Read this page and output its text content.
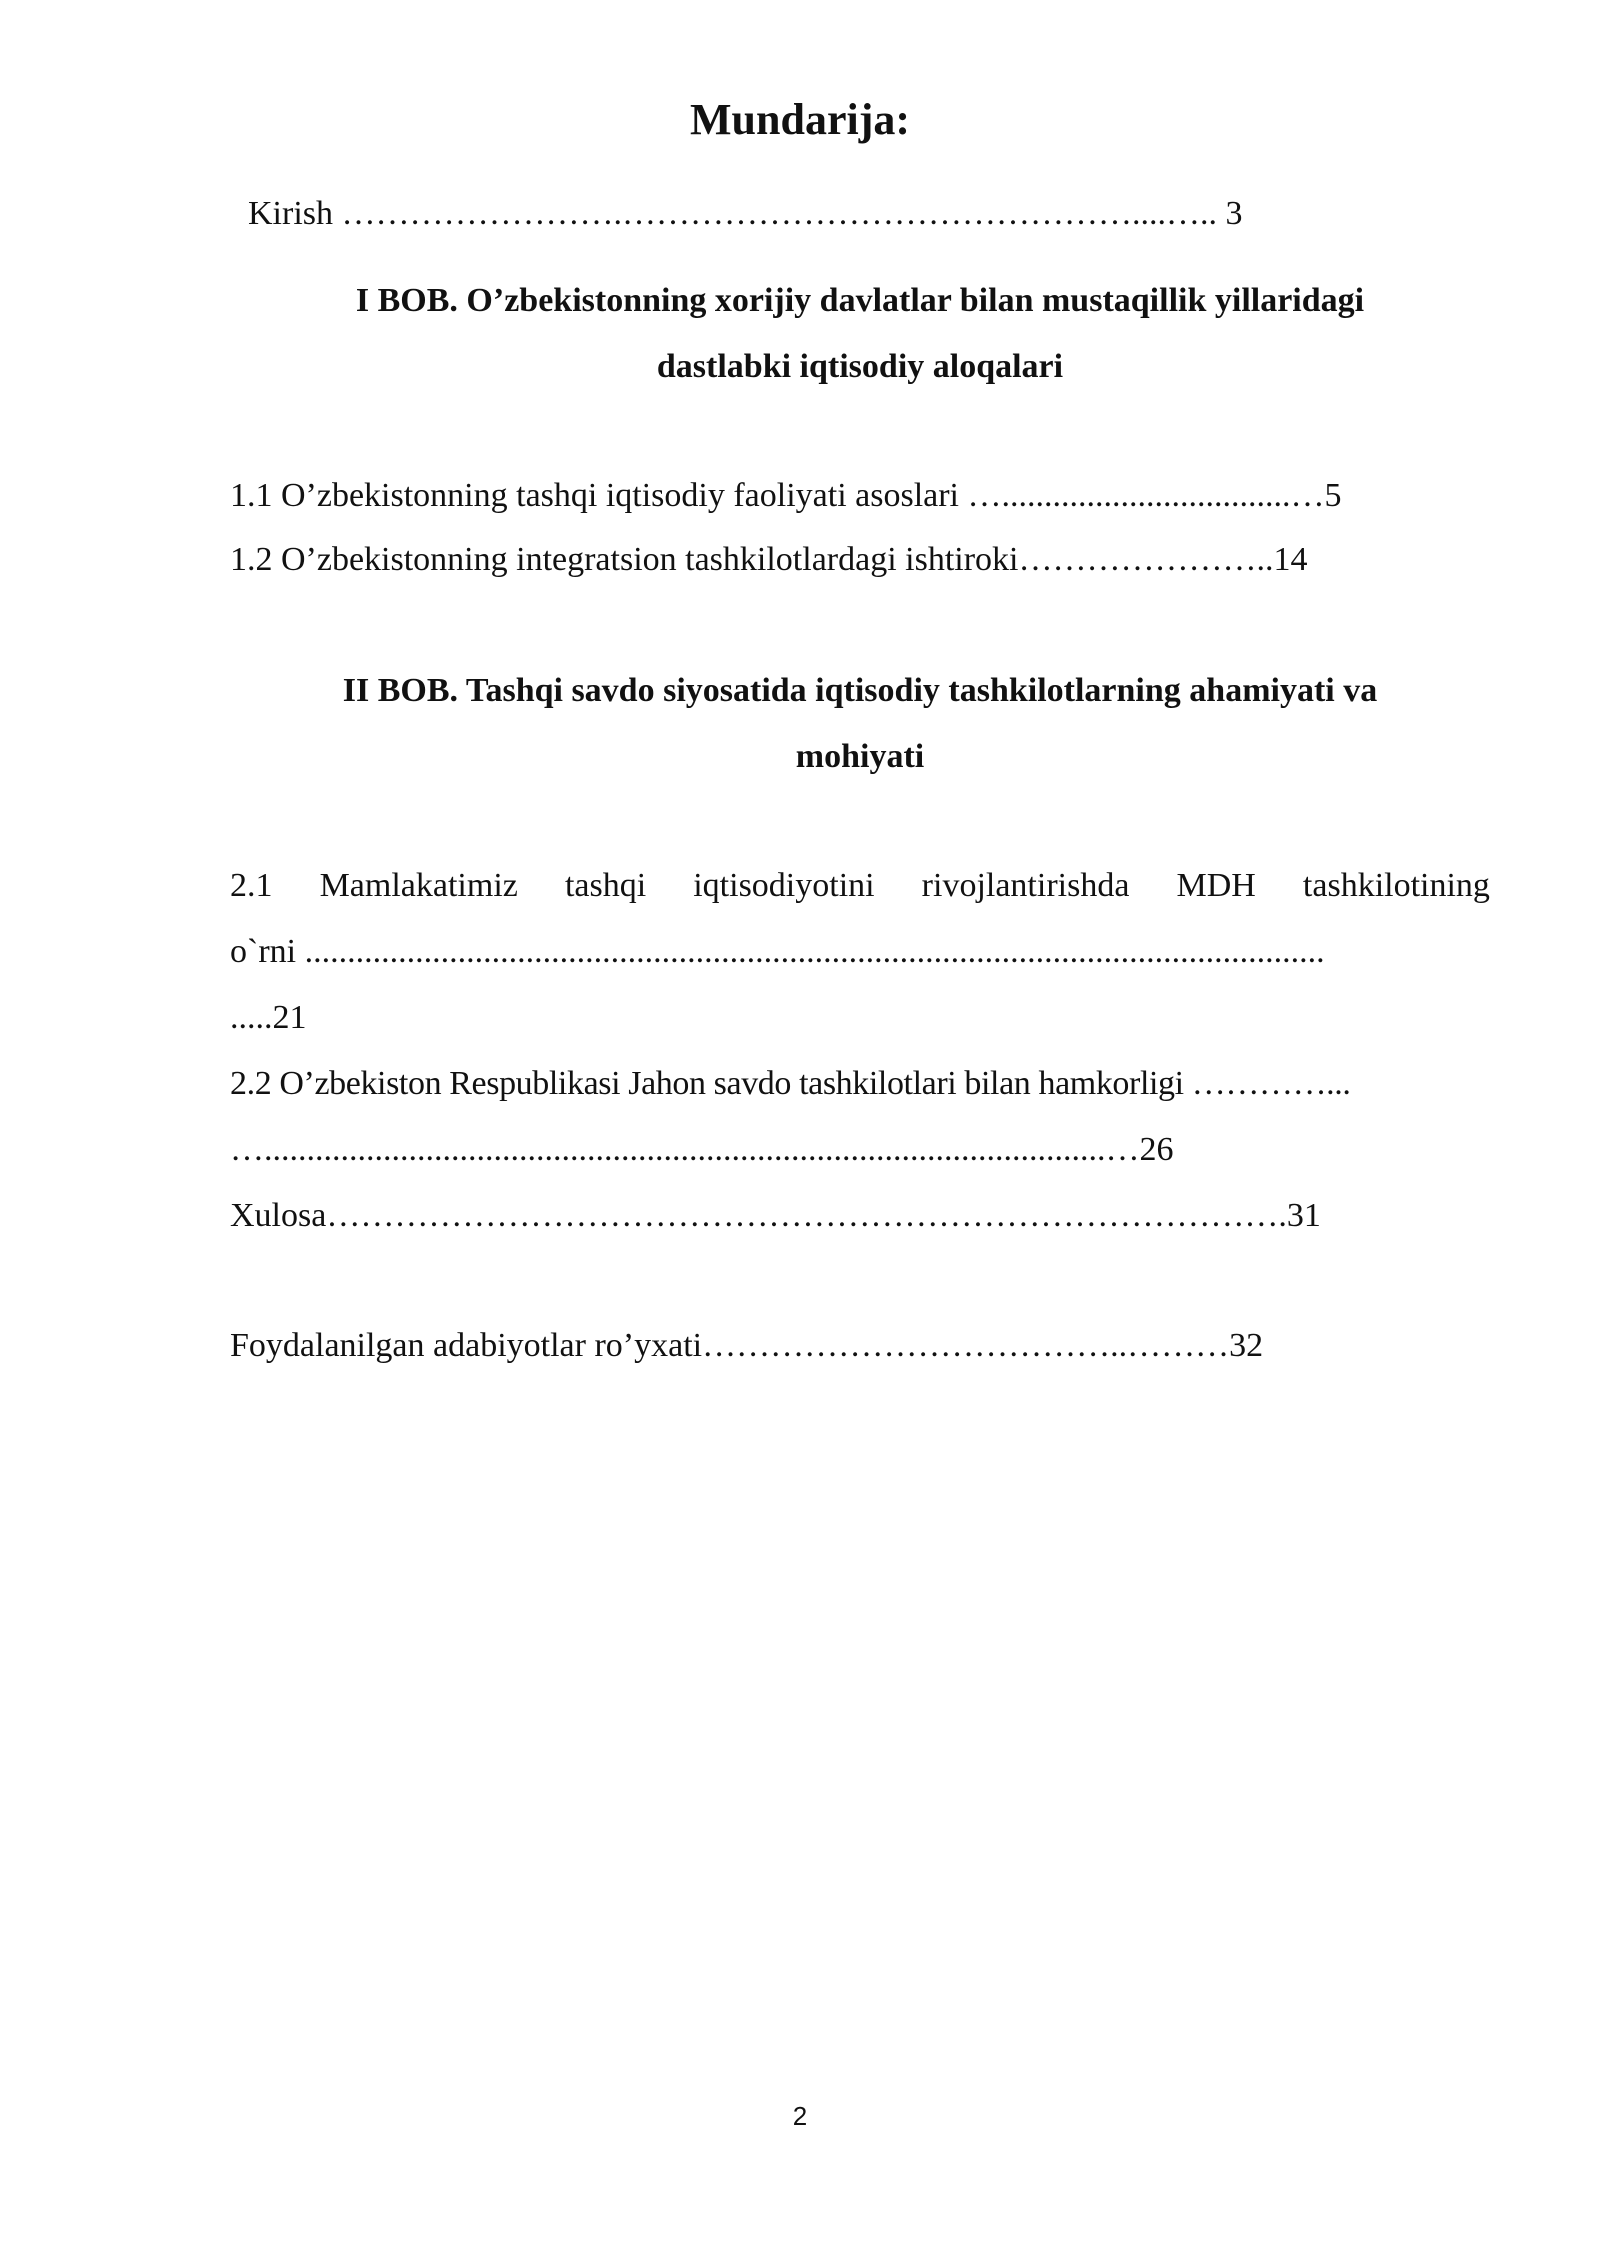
Mundarija:
Kirish …………………….………………………………………....….. 3
I BOB. O’zbekistonning xorijiy davlatlar bilan mustaqillik yillaridagi
dastlabki iqtisodiy aloqalari
1.1 O’zbekistonning tashqi iqtisodiy faoliyati asoslari …..................................…5
1.2 O’zbekistonning integratsion tashkilotlardagi ishtiroki…………………..14
II BOB. Tashqi savdo siyosatida iqtisodiy tashkilotlarning ahamiyati va
mohiyati
2.1 Mamlakatimiz tashqi iqtisodiyotini rivojlantirishda MDH tashkilotining
o`rni ........................................................................................................................
.....21
2.2 O’zbekiston Respublikasi Jahon savdo tashkilotlari bilan hamkorligi …………...
…...................................................................................................…26
Xulosa………………………………………………………………………….31
Foydalanilgan adabiyotlar ro’yxati………………………………..………32
2
